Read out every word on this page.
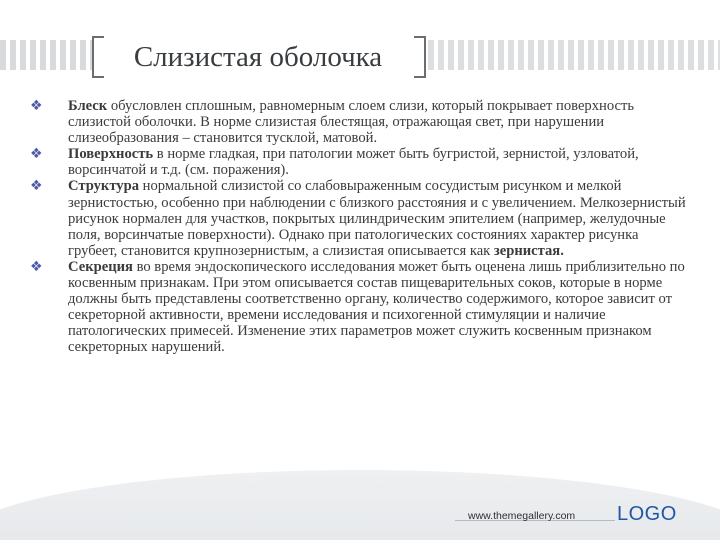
Слизистая оболочка
❖ Блеск обусловлен сплошным, равномерным слоем слизи, который покрывает поверхность слизистой оболочки. В норме слизистая блестящая, отражающая свет, при нарушении слизеобразования – становится тусклой, матовой.
❖ Поверхность в норме гладкая, при патологии может быть бугристой, зернистой, узловатой, ворсинчатой и т.д. (см. поражения).
❖ Структура нормальной слизистой со слабовыраженным сосудистым рисунком и мелкой зернистостью, особенно при наблюдении с близкого расстояния и с увеличением. Мелкозернистый рисунок нормален для участков, покрытых цилиндрическим эпителием (например, желудочные поля, ворсинчатые поверхности). Однако при патологических состояниях характер рисунка грубеет, становится крупнозернистым, а слизистая описывается как зернистая.
❖ Секреция во время эндоскопического исследования может быть оценена лишь приблизительно по косвенным признакам. При этом описывается состав пищеварительных соков, которые в норме должны быть представлены соответственно органу, количество содержимого, которое зависит от секреторной активности, времени исследования и психогенной стимуляции и наличие патологических примесей. Изменение этих параметров может служить косвенным признаком секреторных нарушений.
www.themegallery.com LOGO
